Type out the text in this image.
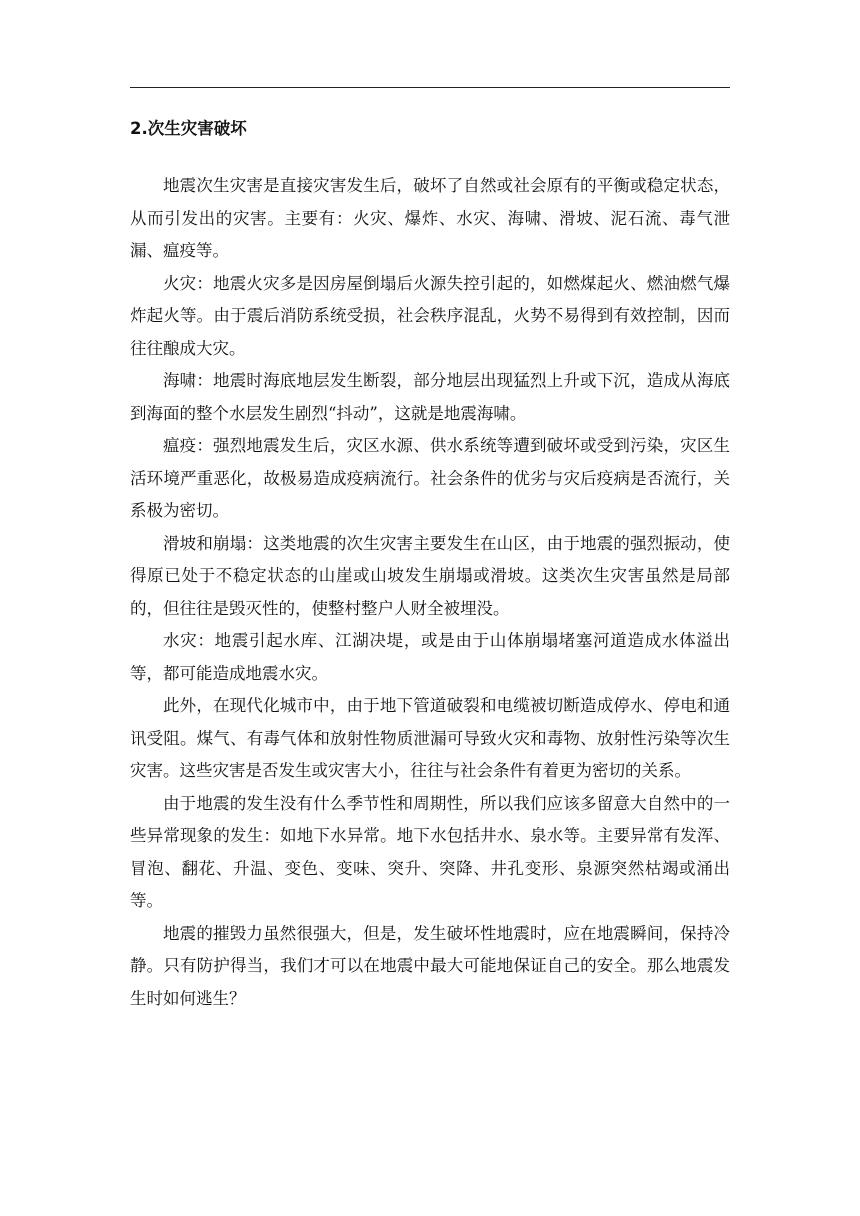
2.次生灾害破坏

地震次生灾害是直接灾害发生后，破坏了自然或社会原有的平衡或稳定状态，从而引发出的灾害。主要有：火灾、爆炸、水灾、海啸、滑坡、泥石流、毒气泄漏、瘟疫等。

火灾：地震火灾多是因房屋倒塌后火源失控引起的，如燃煤起火、燃油燃气爆炸起火等。由于震后消防系统受损，社会秩序混乱，火势不易得到有效控制，因而往往酿成大灾。

海啸：地震时海底地层发生断裂，部分地层出现猛烈上升或下沉，造成从海底到海面的整个水层发生剧烈“抖动”，这就是地震海啸。

瘟疫：强烈地震发生后，灾区水源、供水系统等遭到破坏或受到污染，灾区生活环境严重恶化，故极易造成疫病流行。社会条件的优劣与灾后疫病是否流行，关系极为密切。

滑坡和崩塌：这类地震的次生灾害主要发生在山区，由于地震的强烈振动，使得原已处于不稳定状态的山崖或山坡发生崩塌或滑坡。这类次生灾害虽然是局部的，但往往是毁灭性的，使整村整户人财全被埋没。

水灾：地震引起水库、江湖决堤，或是由于山体崩塌堵塞河道造成水体溢出等，都可能造成地震水灾。

此外，在现代化城市中，由于地下管道破裂和电缆被切断造成停水、停电和通讯受阻。煤气、有毒气体和放射性物质泄漏可导致火灾和毒物、放射性污染等次生灾害。这些灾害是否发生或灾害大小，往往与社会条件有着更为密切的关系。

由于地震的发生没有什么季节性和周期性，所以我们应该多留意大自然中的一些异常现象的发生：如地下水异常。地下水包括井水、泉水等。主要异常有发浑、冒泡、翻花、升温、变色、变味、突升、突降、井孔变形、泉源突然枯竭或涌出等。

地震的摧毁力虽然很强大，但是，发生破坏性地震时，应在地震瞬间，保持冷静。只有防护得当，我们才可以在地震中最大可能地保证自己的安全。那么地震发生时如何逃生？
